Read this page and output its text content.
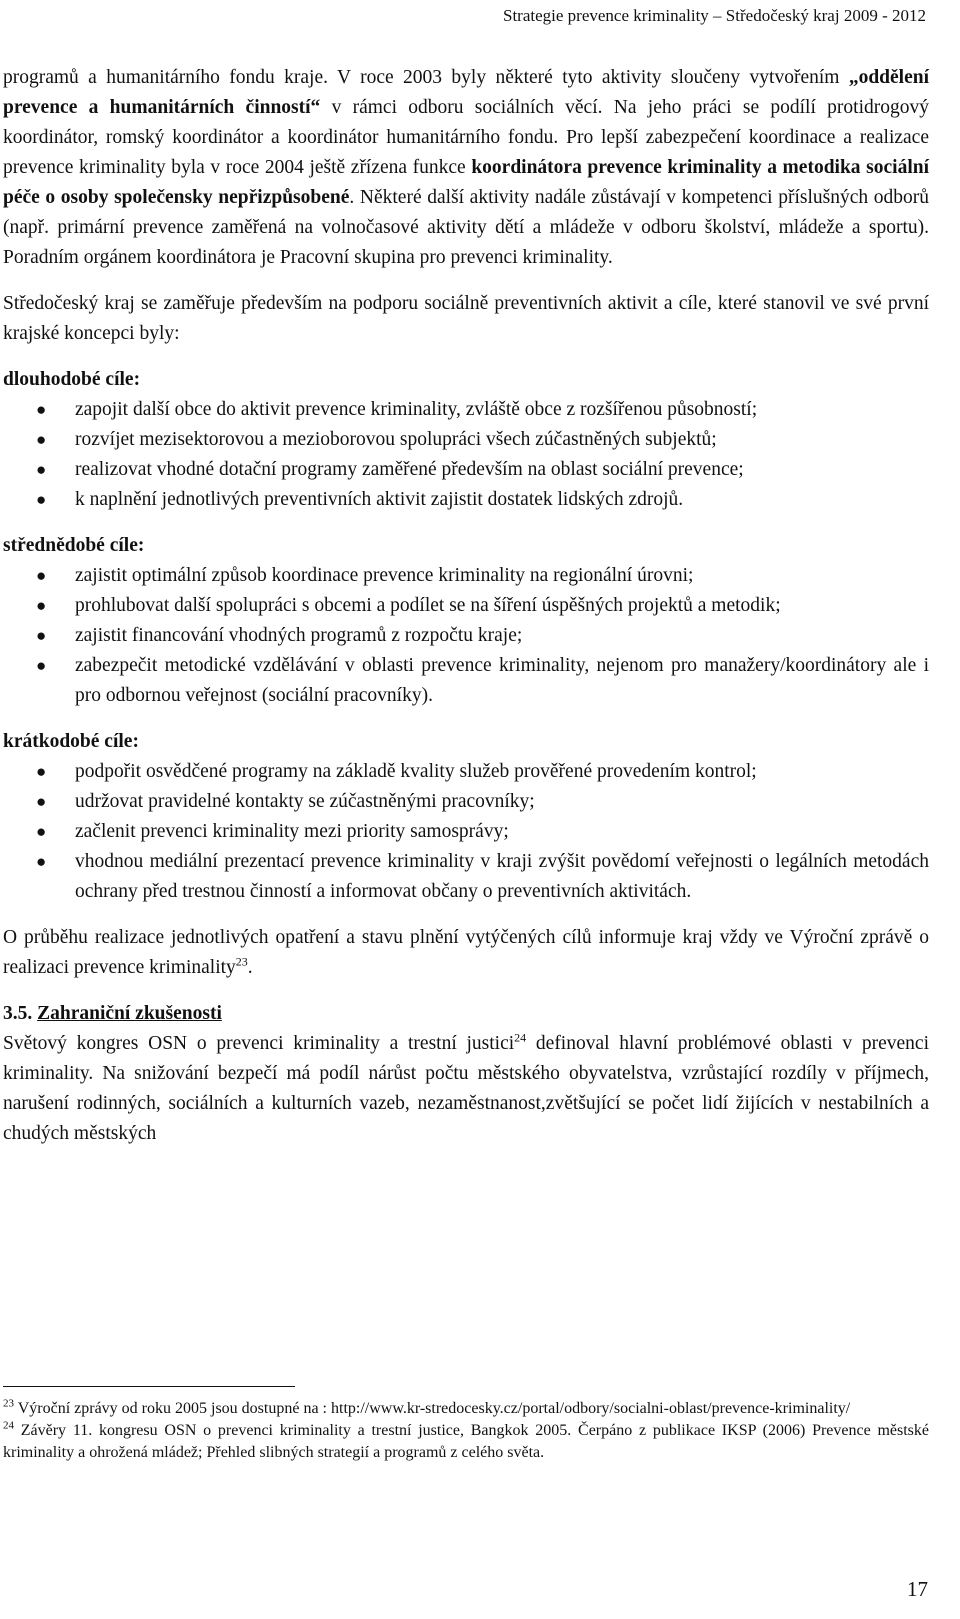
Strategie prevence kriminality – Středočeský kraj 2009 - 2012

programů a humanitárního fondu kraje. V roce 2003 byly některé tyto aktivity sloučeny vytvořením „oddělení prevence a humanitárních činností“ v rámci odboru sociálních věcí. Na jeho práci se podílí protidrogový koordinátor, romský koordinátor a koordinátor humanitárního fondu. Pro lepší zabezpečení koordinace a realizace prevence kriminality byla v roce 2004 ještě zřízena funkce koordinátora prevence kriminality a metodika sociální péče o osoby společensky nepřizpůsobené. Některé další aktivity nadále zůstávají v kompetenci příslušných odborů (např. primární prevence zaměřená na volnočasové aktivity dětí a mládeže v odboru školství, mládeže a sportu). Poradním orgánem koordinátora je Pracovní skupina pro prevenci kriminality.

Středočeský kraj se zaměřuje především na podporu sociálně preventivních aktivit a cíle, které stanovil ve své první krajské koncepci byly:

dlouhodobé cíle:
● zapojit další obce do aktivit prevence kriminality, zvláště obce z rozšířenou působností;
● rozvíjet mezisektorovou a mezioborovou spolupráci všech zúčastněných subjektů;
● realizovat vhodné dotační programy zaměřené především na oblast sociální prevence;
● k naplnění jednotlivých preventivních aktivit zajistit dostatek lidských zdrojů.
střednědobé cíle:
● zajistit optimální způsob koordinace prevence kriminality na regionální úrovni;
● prohlubovat další spolupráci s obcemi a podílet se na šíření úspěšných projektů a metodik;
● zajistit financování vhodných programů z rozpočtu kraje;
● zabezpečit metodické vzdělávání v oblasti prevence kriminality, nejenom pro manažery/koordinátory ale i pro odbornou veřejnost (sociální pracovníky).
krátkodobé cíle:
● podpořit osvědčené programy na základě kvality služeb prověřené provedením kontrol;
● udržovat pravidelné kontakty se zúčastněnými pracovníky;
● začlenit prevenci kriminality mezi priority samosprávy;
● vhodnou mediální prezentací prevence kriminality v kraji zvýšit povědomí veřejnosti o legálních metodách ochrany před trestnou činností a informovat občany o preventivních aktivitách.

O průběhu realizace jednotlivých opatření a stavu plnění vytýčených cílů informuje kraj vždy ve Výroční zprávě o realizaci prevence kriminality$^{23}$.

3.5. Zahraniční zkušenosti

Světový kongres OSN o prevenci kriminality a trestní justici$^{24}$ definoval hlavní problémové oblasti v prevenci kriminality. Na snižování bezpečí má podíl nárůst počtu městského obyvatelstva, vzrůstající rozdíly v příjmech, narušení rodinných, sociálních a kulturních vazeb, nezaměstnanost,zvětšující se počet lidí žijících v nestabilních a chudých městských

$^{23}$ Výroční zprávy od roku 2005 jsou dostupné na : http://www.kr-stredocesky.cz/portal/odbory/socialni-oblast/prevence-kriminality/

$^{24}$ Závěry 11. kongresu OSN o prevenci kriminality a trestní justice, Bangkok 2005. Čerpáno z publikace IKSP (2006) Prevence městské kriminality a ohrožená mládež; Přehled slibných strategií a programů z celého světa.

17
